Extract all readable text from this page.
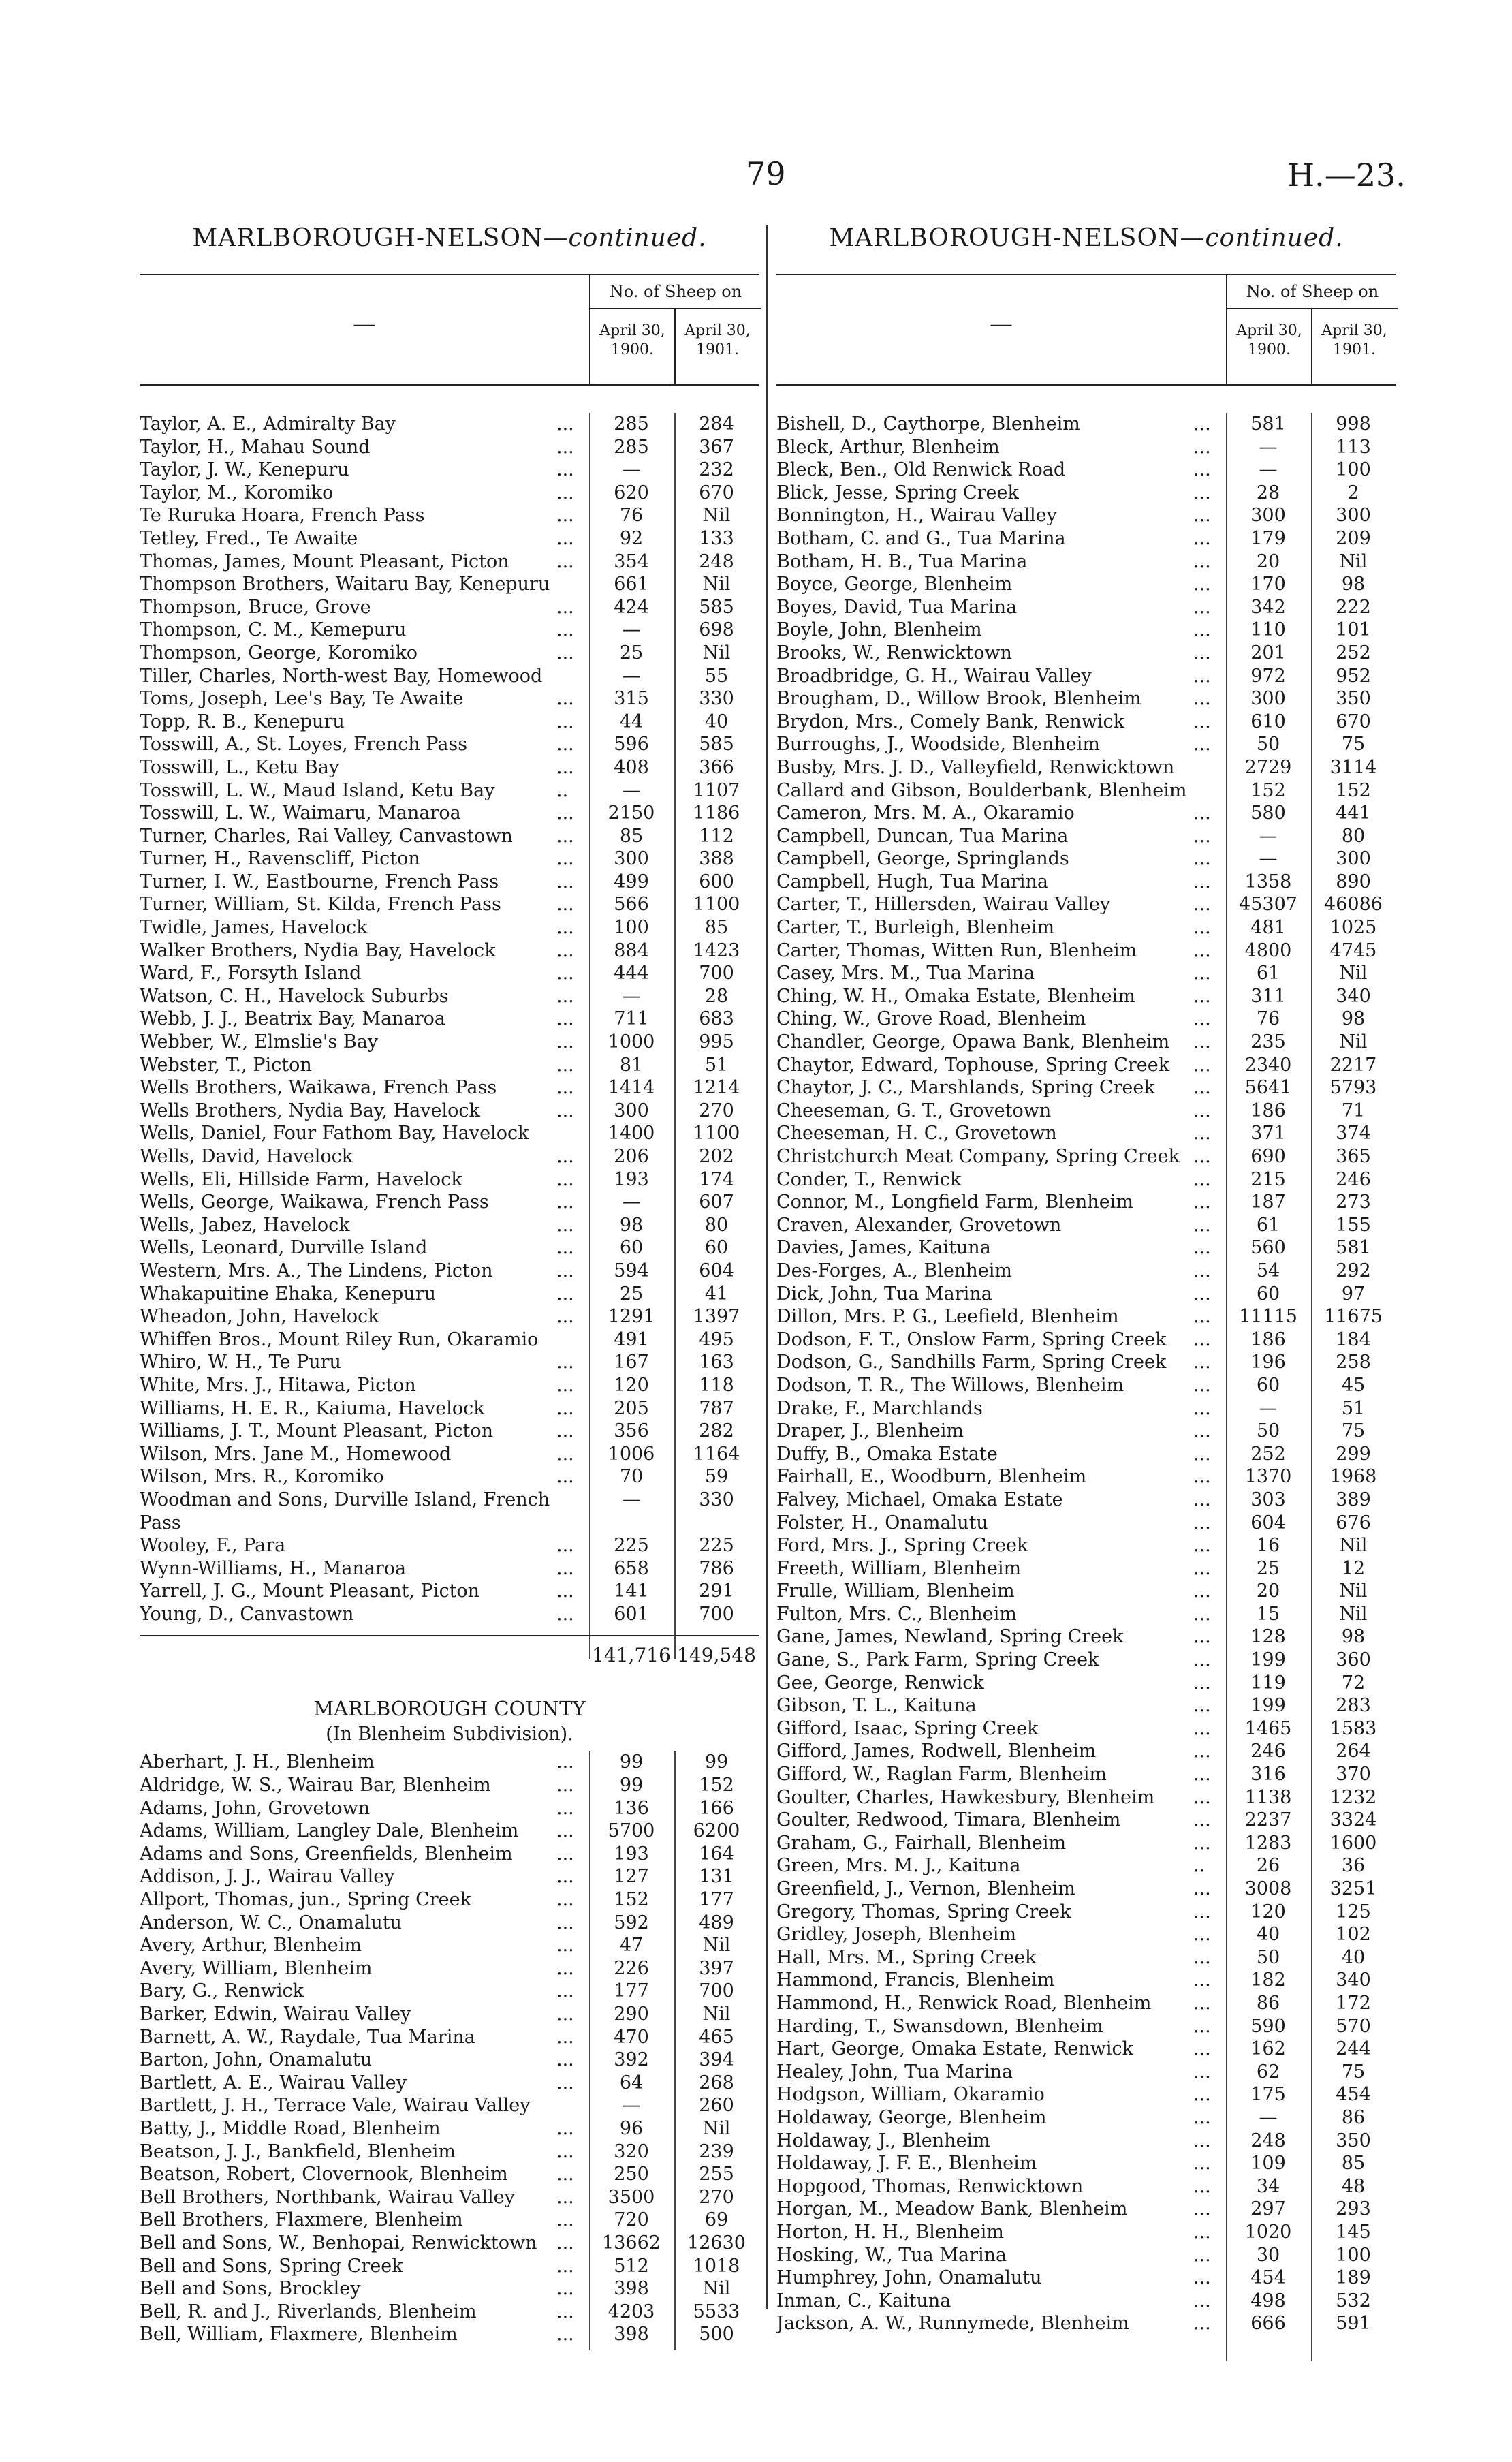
79	H.—23.
MARLBOROUGH-NELSON—continued.
—
No. of Sheep on
April 30, 1900.
April 30, 1901.
Taylor, A. E., Admiralty Bay	...	285	284
Taylor, H., Mahau Sound	...	285	367
Taylor, J. W., Kenepuru	...	—	232
Taylor, M., Koromiko	...	620	670
Te Ruruka Hoara, French Pass	...	76	Nil
Tetley, Fred., Te Awaite	...	92	133
Thomas, James, Mount Pleasant, Picton	...	354	248
Thompson Brothers, Waitaru Bay, Kenepuru	661	Nil
Thompson, Bruce, Grove	...	424	585
Thompson, C. M., Kemepuru	...	—	698
Thompson, George, Koromiko	...	25	Nil
Tiller, Charles, North-west Bay, Homewood	—	55
Toms, Joseph, Lee's Bay, Te Awaite	...	315	330
Topp, R. B., Kenepuru	...	44	40
Tosswill, A., St. Loyes, French Pass	...	596	585
Tosswill, L., Ketu Bay	...	408	366
Tosswill, L. W., Maud Island, Ketu Bay	..	—	1107
Tosswill, L. W., Waimaru, Manaroa	...	2150	1186
Turner, Charles, Rai Valley, Canvastown	...	85	112
Turner, H., Ravenscliff, Picton	...	300	388
Turner, I. W., Eastbourne, French Pass	...	499	600
Turner, William, St. Kilda, French Pass	...	566	1100
Twidle, James, Havelock	...	100	85
Walker Brothers, Nydia Bay, Havelock	...	884	1423
Ward, F., Forsyth Island	...	444	700
Watson, C. H., Havelock Suburbs	...	—	28
Webb, J. J., Beatrix Bay, Manaroa	...	711	683
Webber, W., Elmslie's Bay	...	1000	995
Webster, T., Picton	...	81	51
Wells Brothers, Waikawa, French Pass	...	1414	1214
Wells Brothers, Nydia Bay, Havelock	...	300	270
Wells, Daniel, Four Fathom Bay, Havelock	1400	1100
Wells, David, Havelock	...	206	202
Wells, Eli, Hillside Farm, Havelock	...	193	174
Wells, George, Waikawa, French Pass	...	—	607
Wells, Jabez, Havelock	...	98	80
Wells, Leonard, Durville Island	...	60	60
Western, Mrs. A., The Lindens, Picton	...	594	604
Whakapuitine Ehaka, Kenepuru	...	25	41
Wheadon, John, Havelock	...	1291	1397
Whiffen Bros., Mount Riley Run, Okaramio	491	495
Whiro, W. H., Te Puru	...	167	163
White, Mrs. J., Hitawa, Picton	...	120	118
Williams, H. E. R., Kaiuma, Havelock	...	205	787
Williams, J. T., Mount Pleasant, Picton	...	356	282
Wilson, Mrs. Jane M., Homewood	...	1006	1164
Wilson, Mrs. R., Koromiko	...	70	59
Woodman and Sons, Durville Island, French	—	330
Pass
Wooley, F., Para	...	225	225
Wynn-Williams, H., Manaroa	...	658	786
Yarrell, J. G., Mount Pleasant, Picton	...	141	291
Young, D., Canvastown	...	601	700
141,716 149,548
MARLBOROUGH COUNTY
(In Blenheim Subdivision).
Aberhart, J. H., Blenheim	...	99	99
Aldridge, W. S., Wairau Bar, Blenheim	...	99	152
Adams, John, Grovetown	...	136	166
Adams, William, Langley Dale, Blenheim	...	5700	6200
Adams and Sons, Greenfields, Blenheim	...	193	164
Addison, J. J., Wairau Valley	...	127	131
Allport, Thomas, jun., Spring Creek	...	152	177
Anderson, W. C., Onamalutu	...	592	489
Avery, Arthur, Blenheim	...	47	Nil
Avery, William, Blenheim	...	226	397
Bary, G., Renwick	...	177	700
Barker, Edwin, Wairau Valley	...	290	Nil
Barnett, A. W., Raydale, Tua Marina	...	470	465
Barton, John, Onamalutu	...	392	394
Bartlett, A. E., Wairau Valley	...	64	268
Bartlett, J. H., Terrace Vale, Wairau Valley	—	260
Batty, J., Middle Road, Blenheim	...	96	Nil
Beatson, J. J., Bankfield, Blenheim	...	320	239
Beatson, Robert, Clovernook, Blenheim	...	250	255
Bell Brothers, Northbank, Wairau Valley	...	3500	270
Bell Brothers, Flaxmere, Blenheim	...	720	69
Bell and Sons, W., Benhopai, Renwicktown	...	13662	12630
Bell and Sons, Spring Creek	...	512	1018
Bell and Sons, Brockley	...	398	Nil
Bell, R. and J., Riverlands, Blenheim	...	4203	5533
Bell, William, Flaxmere, Blenheim	...	398	500
MARLBOROUGH-NELSON—continued.
—
No. of Sheep on
April 30, 1900.
April 30, 1901.
Bishell, D., Caythorpe, Blenheim	...	581	998
Bleck, Arthur, Blenheim	...	—	113
Bleck, Ben., Old Renwick Road	...	—	100
Blick, Jesse, Spring Creek	...	28	2
Bonnington, H., Wairau Valley	...	300	300
Botham, C. and G., Tua Marina	...	179	209
Botham, H. B., Tua Marina	...	20	Nil
Boyce, George, Blenheim	...	170	98
Boyes, David, Tua Marina	...	342	222
Boyle, John, Blenheim	...	110	101
Brooks, W., Renwicktown	...	201	252
Broadbridge, G. H., Wairau Valley	...	972	952
Brougham, D., Willow Brook, Blenheim	...	300	350
Brydon, Mrs., Comely Bank, Renwick	...	610	670
Burroughs, J., Woodside, Blenheim	...	50	75
Busby, Mrs. J. D., Valleyfield, Renwicktown	2729	3114
Callard and Gibson, Boulderbank, Blenheim	152	152
Cameron, Mrs. M. A., Okaramio	...	580	441
Campbell, Duncan, Tua Marina	...	—	80
Campbell, George, Springlands	...	—	300
Campbell, Hugh, Tua Marina	...	1358	890
Carter, T., Hillersden, Wairau Valley	...	45307	46086
Carter, T., Burleigh, Blenheim	...	481	1025
Carter, Thomas, Witten Run, Blenheim	...	4800	4745
Casey, Mrs. M., Tua Marina	...	61	Nil
Ching, W. H., Omaka Estate, Blenheim	...	311	340
Ching, W., Grove Road, Blenheim	...	76	98
Chandler, George, Opawa Bank, Blenheim	...	235	Nil
Chaytor, Edward, Tophouse, Spring Creek	...	2340	2217
Chaytor, J. C., Marshlands, Spring Creek	...	5641	5793
Cheeseman, G. T., Grovetown	...	186	71
Cheeseman, H. C., Grovetown	...	371	374
Christchurch Meat Company, Spring Creek ...	690	365
Conder, T., Renwick	...	215	246
Connor, M., Longfield Farm, Blenheim	...	187	273
Craven, Alexander, Grovetown	...	61	155
Davies, James, Kaituna	...	560	581
Des-Forges, A., Blenheim	...	54	292
Dick, John, Tua Marina	...	60	97
Dillon, Mrs. P. G., Leefield, Blenheim	...	11115	11675
Dodson, F. T., Onslow Farm, Spring Creek	...	186	184
Dodson, G., Sandhills Farm, Spring Creek	...	196	258
Dodson, T. R., The Willows, Blenheim	...	60	45
Drake, F., Marchlands	...	—	51
Draper, J., Blenheim	...	50	75
Duffy, B., Omaka Estate	...	252	299
Fairhall, E., Woodburn, Blenheim	...	1370	1968
Falvey, Michael, Omaka Estate	...	303	389
Folster, H., Onamalutu	...	604	676
Ford, Mrs. J., Spring Creek	...	16	Nil
Freeth, William, Blenheim	...	25	12
Frulle, William, Blenheim	...	20	Nil
Fulton, Mrs. C., Blenheim	...	15	Nil
Gane, James, Newland, Spring Creek	...	128	98
Gane, S., Park Farm, Spring Creek	...	199	360
Gee, George, Renwick	...	119	72
Gibson, T. L., Kaituna	...	199	283
Gifford, Isaac, Spring Creek	...	1465	1583
Gifford, James, Rodwell, Blenheim	...	246	264
Gifford, W., Raglan Farm, Blenheim	...	316	370
Goulter, Charles, Hawkesbury, Blenheim	...	1138	1232
Goulter, Redwood, Timara, Blenheim	...	2237	3324
Graham, G., Fairhall, Blenheim	...	1283	1600
Green, Mrs. M. J., Kaituna	..	26	36
Greenfield, J., Vernon, Blenheim	...	3008	3251
Gregory, Thomas, Spring Creek	...	120	125
Gridley, Joseph, Blenheim	...	40	102
Hall, Mrs. M., Spring Creek	...	50	40
Hammond, Francis, Blenheim	...	182	340
Hammond, H., Renwick Road, Blenheim	...	86	172
Harding, T., Swansdown, Blenheim	...	590	570
Hart, George, Omaka Estate, Renwick	...	162	244
Healey, John, Tua Marina	...	62	75
Hodgson, William, Okaramio	...	175	454
Holdaway, George, Blenheim	...	—	86
Holdaway, J., Blenheim	...	248	350
Holdaway, J. F. E., Blenheim	...	109	85
Hopgood, Thomas, Renwicktown	...	34	48
Horgan, M., Meadow Bank, Blenheim	...	297	293
Horton, H. H., Blenheim	...	1020	145
Hosking, W., Tua Marina	...	30	100
Humphrey, John, Onamalutu	...	454	189
Inman, C., Kaituna	...	498	532
Jackson, A. W., Runnymede, Blenheim	...	666	591
